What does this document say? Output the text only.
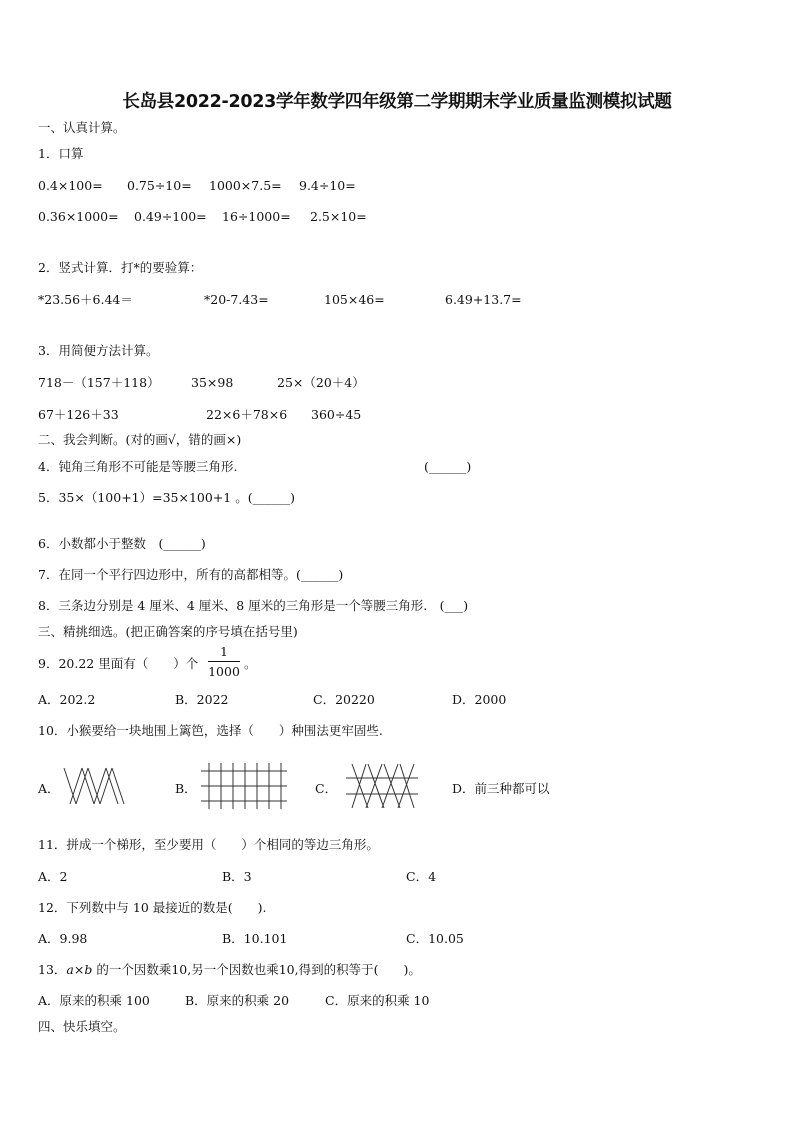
长岛县2022-2023学年数学四年级第二学期期末学业质量监测模拟试题
一、认真计算。
1．口算
0.4×100= 0.75÷10= 1000×7.5= 9.4÷10=
0.36×1000= 0.49÷100= 16÷1000= 2.5×10=
2．竖式计算．打*的要验算：
*23.56＋6.44＝	*20-7.43=	105×46=	6.49+13.7=
3．用简便方法计算。
718－（157＋118）	35×98	25×（20＋4）
67＋126＋33	22×6＋78×6 360÷45
二、我会判断。(对的画√，错的画×)
4．钝角三角形不可能是等腰三角形.	(______)
5．35×（100+1）=35×100+1 。(______)
6．小数都小于整数　(______)
7．在同一个平行四边形中，所有的高都相等。(______)
8．三条边分别是 4 厘米、4 厘米、8 厘米的三角形是一个等腰三角形.　(___)
三、精挑细选。(把正确答案的序号填在括号里)
9．20.22 里面有（　　）个
1
1000
。
A．202.2	B．2022	C．20220	D．2000
10．小猴要给一块地围上篱笆，选择（　　）种围法更牢固些.
A．	B．	C．	D．前三种都可以
11．拼成一个梯形，至少要用（　　）个相同的等边三角形。
A．2	B．3	C．4
12．下列数中与 10 最接近的数是(　　).
A．9.98	B．10.101	C．10.05
13．a×b 的一个因数乘10,另一个因数也乘10,得到的积等于(　　)。
A．原来的积乘 100	B．原来的积乘 20	C．原来的积乘 10
四、快乐填空。
